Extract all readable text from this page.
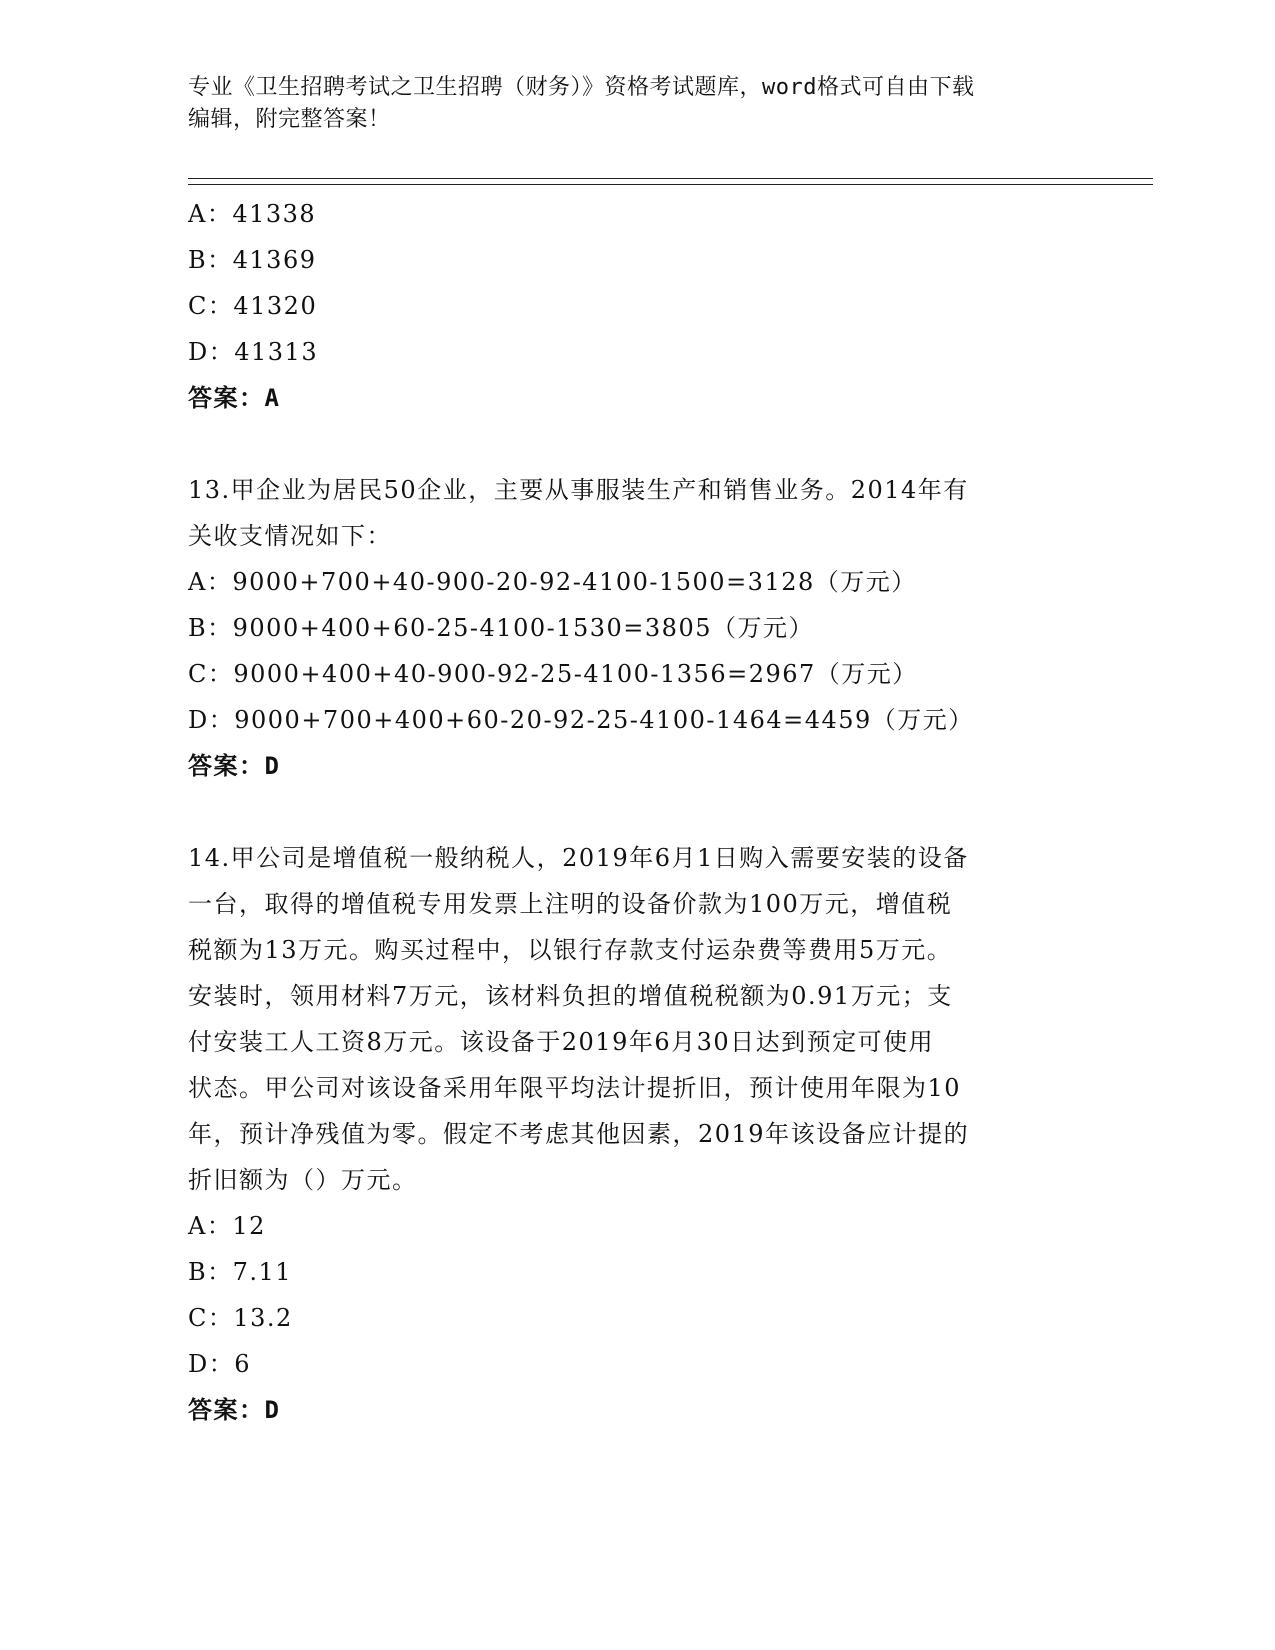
专业《卫生招聘考试之卫生招聘（财务）》资格考试题库，word格式可自由下载
编辑，附完整答案！
A：41338
B：41369
C：41320
D：41313
答案：A
13.甲企业为居民50企业，主要从事服装生产和销售业务。2014年有
关收支情况如下：
A：9000+700+40-900-20-92-4100-1500=3128（万元）
B：9000+400+60-25-4100-1530=3805（万元）
C：9000+400+40-900-92-25-4100-1356=2967（万元）
D：9000+700+400+60-20-92-25-4100-1464=4459（万元）
答案：D
14.甲公司是增值税一般纳税人，2019年6月1日购入需要安装的设备
一台，取得的增值税专用发票上注明的设备价款为100万元，增值税
税额为13万元。购买过程中，以银行存款支付运杂费等费用5万元。
安装时，领用材料7万元，该材料负担的增值税税额为0.91万元；支
付安装工人工资8万元。该设备于2019年6月30日达到预定可使用
状态。甲公司对该设备采用年限平均法计提折旧，预计使用年限为10
年，预计净残值为零。假定不考虑其他因素，2019年该设备应计提的
折旧额为（）万元。
A：12
B：7.11
C：13.2
D：6
答案：D
